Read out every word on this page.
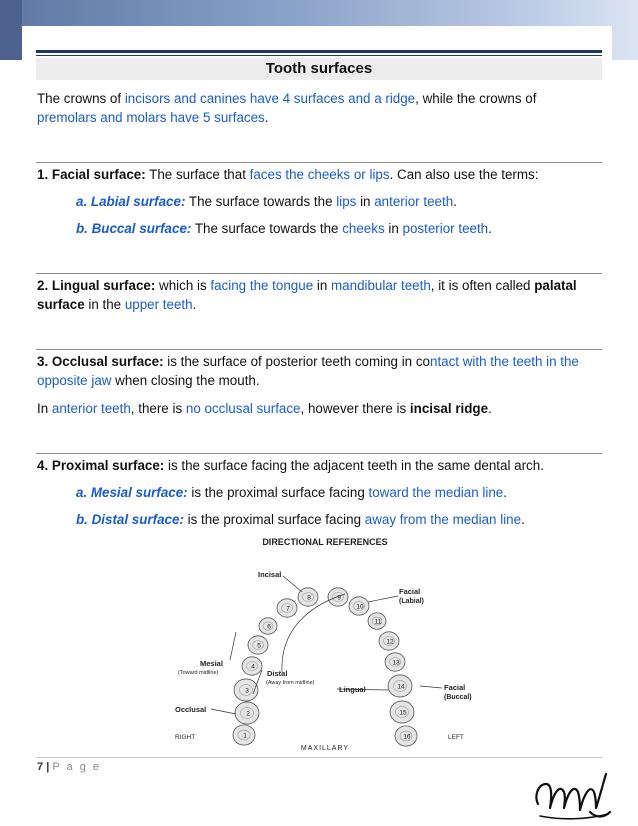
Tooth surfaces
The crowns of incisors and canines have 4 surfaces and a ridge, while the crowns of premolars and molars have 5 surfaces.
1. Facial surface: The surface that faces the cheeks or lips. Can also use the terms:
a. Labial surface: The surface towards the lips in anterior teeth.
b. Buccal surface: The surface towards the cheeks in posterior teeth.
2. Lingual surface: which is facing the tongue in mandibular teeth, it is often called palatal surface in the upper teeth.
3. Occlusal surface: is the surface of posterior teeth coming in contact with the teeth in the opposite jaw when closing the mouth.
In anterior teeth, there is no occlusal surface, however there is incisal ridge.
4. Proximal surface: is the surface facing the adjacent teeth in the same dental arch.
a. Mesial surface: is the proximal surface facing toward the median line.
b. Distal surface: is the proximal surface facing away from the median line.
DIRECTIONAL REFERENCES
1
2
3
4
5
6
7
8	9
10
11
12
13
14
15
16
Incisal
Facial
(Labial)
Mesial
(Toward midline)	Distal
(Away from midline)
Lingual	Facial
(Buccal)
Occlusal
RIGHT	LEFT
MAXILLARY
7 | P a g e
